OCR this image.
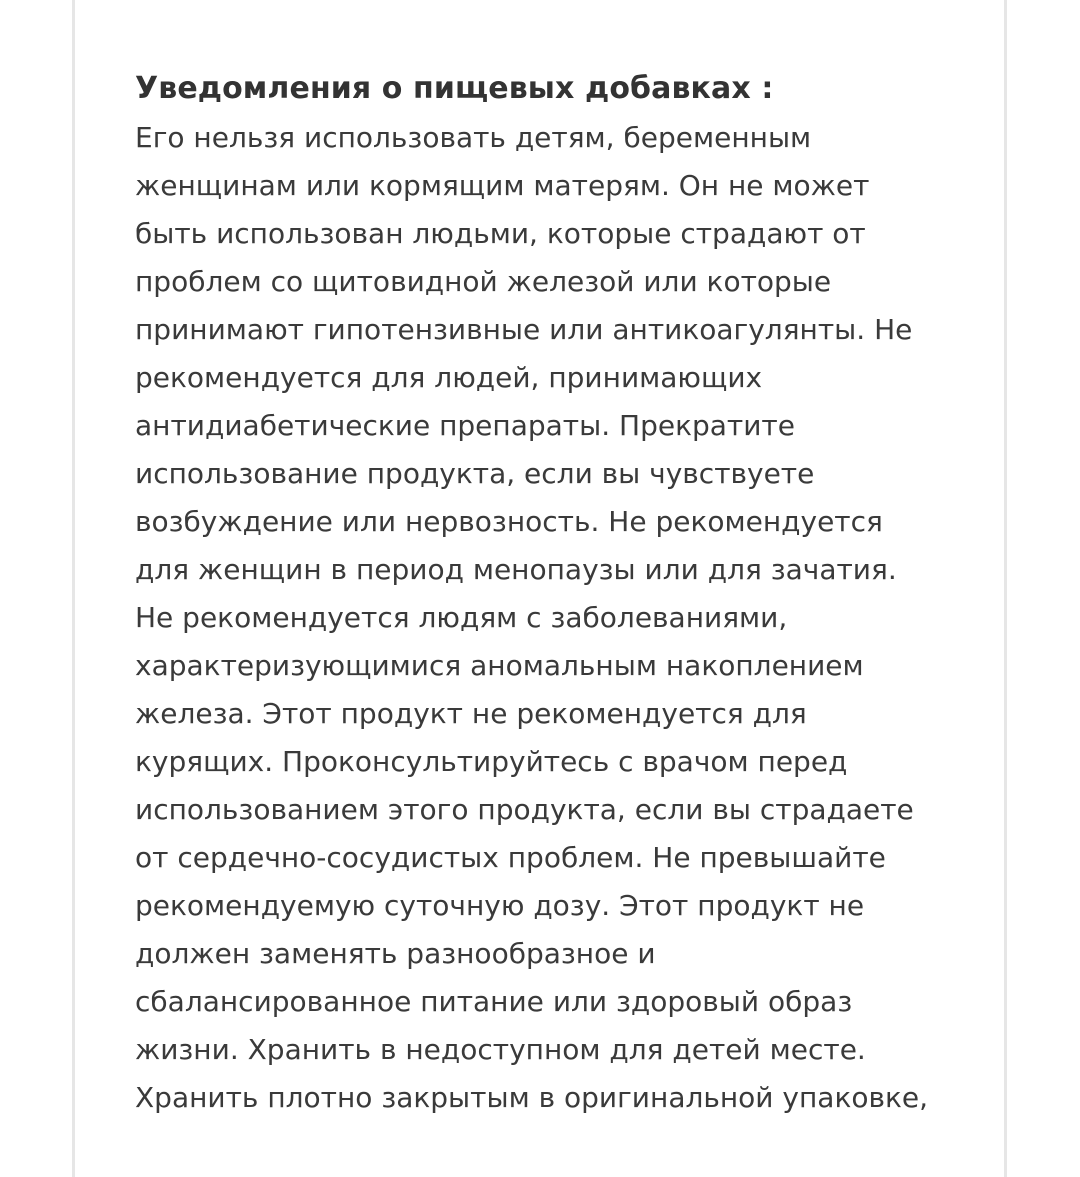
Уведомления о пищевых добавках :

Его нельзя использовать детям, беременным
женщинам или кормящим матерям. Он не может
быть использован людьми, которые страдают от
проблем со щитовидной железой или которые
принимают гипотензивные или антикоагулянты. Не
рекомендуется для людей, принимающих
антидиабетические препараты. Прекратите
использование продукта, если вы чувствуете
возбуждение или нервозность. Не рекомендуется
для женщин в период менопаузы или для зачатия.
Не рекомендуется людям с заболеваниями,
характеризующимися аномальным накоплением
железа. Этот продукт не рекомендуется для
курящих. Проконсультируйтесь с врачом перед
использованием этого продукта, если вы страдаете
от сердечно-сосудистых проблем. Не превышайте
рекомендуемую суточную дозу. Этот продукт не
должен заменять разнообразное и
сбалансированное питание или здоровый образ
жизни. Хранить в недоступном для детей месте.
Хранить плотно закрытым в оригинальной упаковке,
